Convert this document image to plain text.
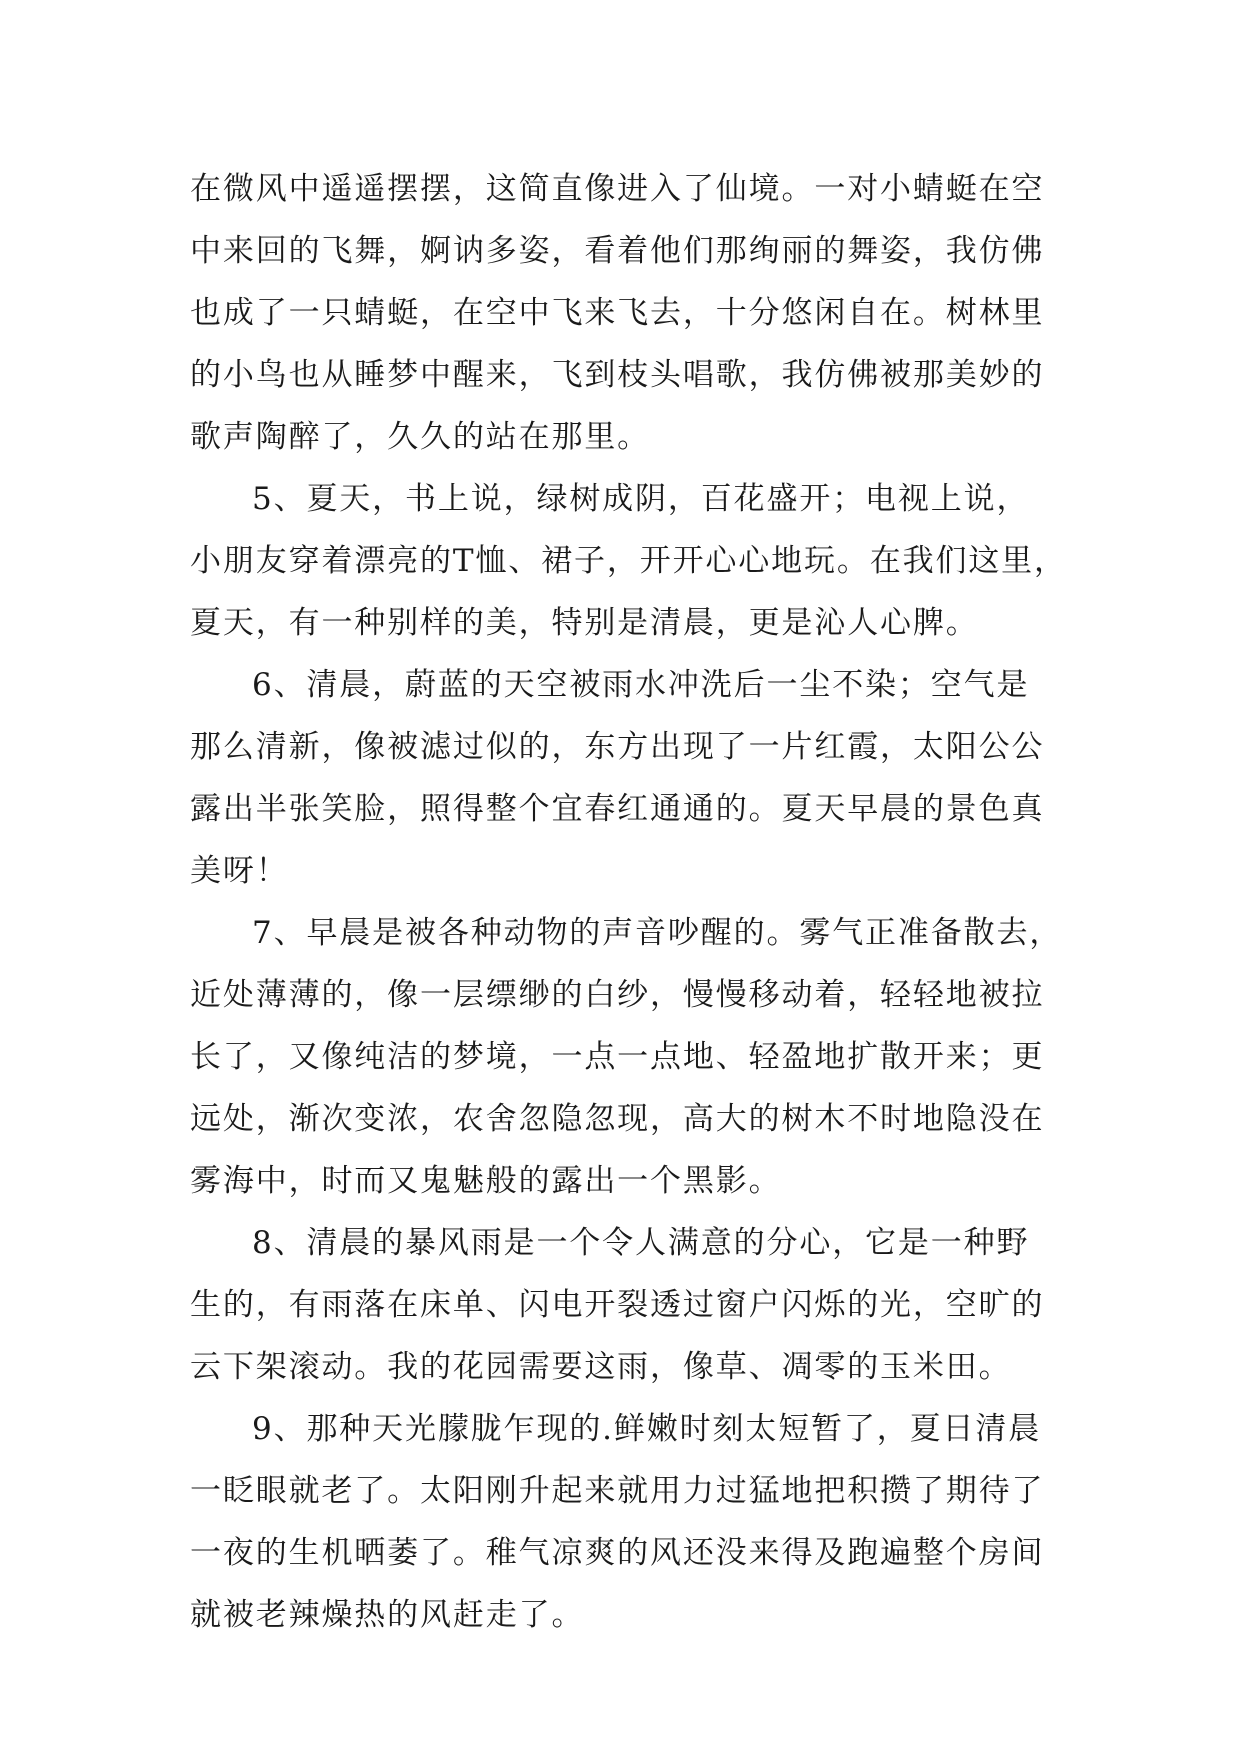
在微风中遥遥摆摆，这简直像进入了仙境。一对小蜻蜓在空
中来回的飞舞，婀讷多姿，看着他们那绚丽的舞姿，我仿佛
也成了一只蜻蜓，在空中飞来飞去，十分悠闲自在。树林里
的小鸟也从睡梦中醒来，飞到枝头唱歌，我仿佛被那美妙的
歌声陶醉了，久久的站在那里。
5、夏天，书上说，绿树成阴，百花盛开；电视上说，
小朋友穿着漂亮的T恤、裙子，开开心心地玩。在我们这里，
夏天，有一种别样的美，特别是清晨，更是沁人心脾。
6、清晨，蔚蓝的天空被雨水冲洗后一尘不染；空气是
那么清新，像被滤过似的，东方出现了一片红霞，太阳公公
露出半张笑脸，照得整个宜春红通通的。夏天早晨的景色真
美呀！
7、早晨是被各种动物的声音吵醒的。雾气正准备散去，
近处薄薄的，像一层缥缈的白纱，慢慢移动着，轻轻地被拉
长了，又像纯洁的梦境，一点一点地、轻盈地扩散开来；更
远处，渐次变浓，农舍忽隐忽现，高大的树木不时地隐没在
雾海中，时而又鬼魅般的露出一个黑影。
8、清晨的暴风雨是一个令人满意的分心，它是一种野
生的，有雨落在床单、闪电开裂透过窗户闪烁的光，空旷的
云下架滚动。我的花园需要这雨，像草、凋零的玉米田。
9、那种天光朦胧乍现的.鲜嫩时刻太短暂了，夏日清晨
一眨眼就老了。太阳刚升起来就用力过猛地把积攒了期待了
一夜的生机晒萎了。稚气凉爽的风还没来得及跑遍整个房间
就被老辣燥热的风赶走了。
